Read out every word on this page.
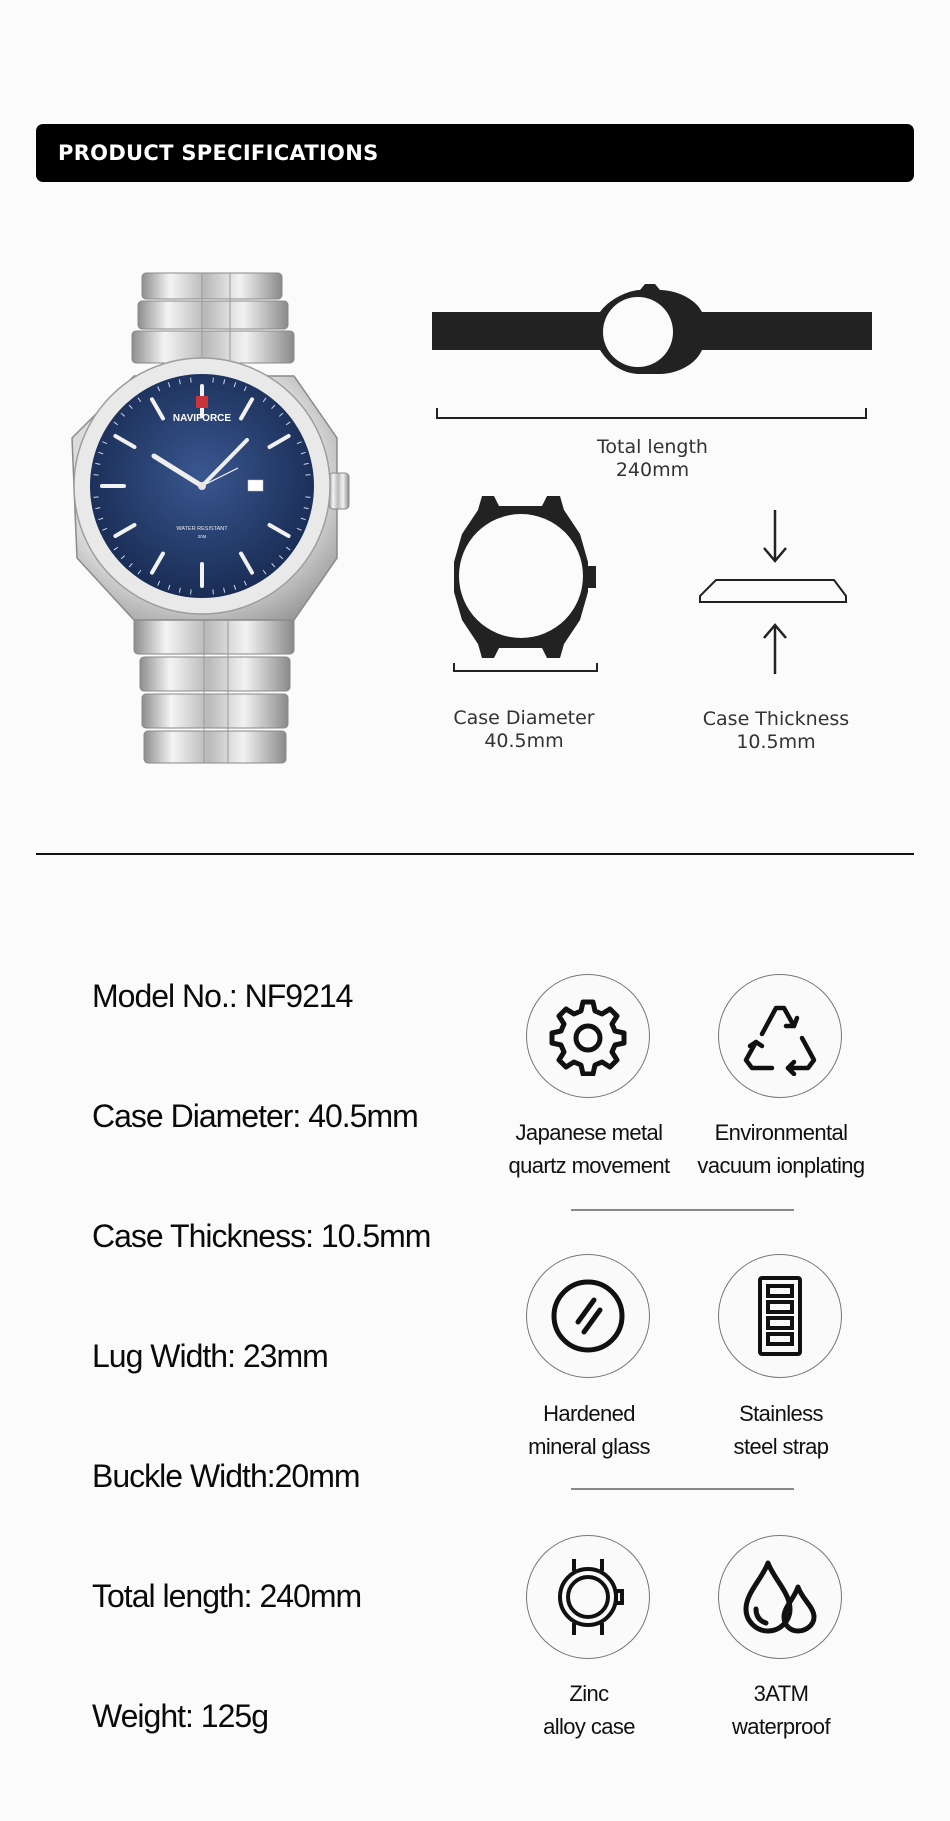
PRODUCT SPECIFICATIONS
NAVIFORCE
WATER RESISTANT
30M
Total length
240mm
Case Diameter
40.5mm
Case Thickness
10.5mm
Model No.: NF9214
Case Diameter: 40.5mm
Case Thickness: 10.5mm
Lug Width: 23mm
Buckle Width:20mm
Total length: 240mm
Weight: 125g
Japanese metal
quartz movement
Environmental
vacuum ionplating
Hardened
mineral glass
Stainless
steel strap
Zinc
alloy case
3ATM
waterproof
